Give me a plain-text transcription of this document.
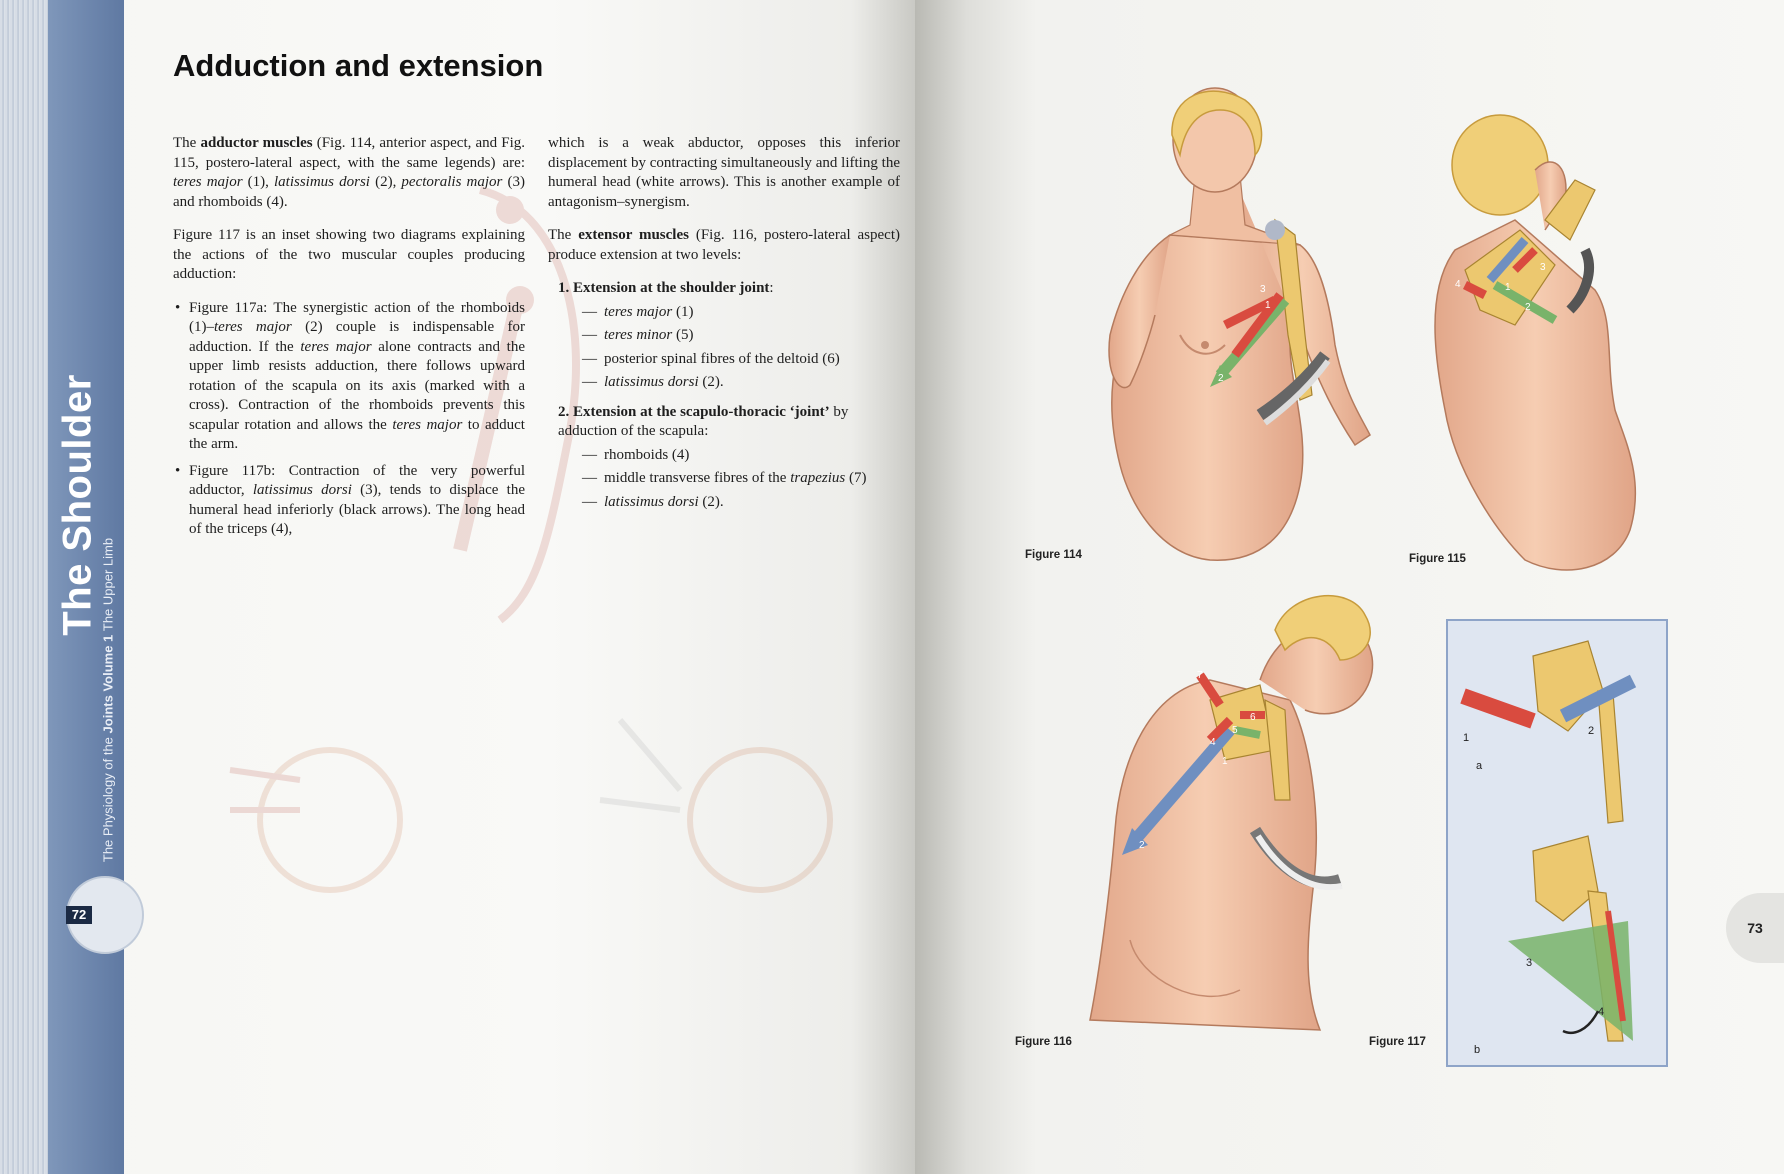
The Shoulder
The Physiology of the Joints Volume 1 The Upper Limb
72
Adduction and extension

The adductor muscles (Fig. 114, anterior aspect, and Fig. 115, postero-lateral aspect, with the same legends) are: teres major (1), latissimus dorsi (2), pectoralis major (3) and rhomboids (4).

Figure 117 is an inset showing two diagrams explaining the actions of the two muscular couples producing adduction:

• Figure 117a: The synergistic action of the rhomboids (1)–teres major (2) couple is indispensable for adduction. If the teres major alone contracts and the upper limb resists adduction, there follows upward rotation of the scapula on its axis (marked with a cross). Contraction of the rhomboids prevents this scapular rotation and allows the teres major to adduct the arm.
• Figure 117b: Contraction of the very powerful adductor, latissimus dorsi (3), tends to displace the humeral head inferiorly (black arrows). The long head of the triceps (4),

which is a weak abductor, opposes this inferior displacement by contracting simultaneously and lifting the humeral head (white arrows). This is another example of antagonism–synergism.

The extensor muscles (Fig. 116, postero-lateral aspect) produce extension at two levels:

1. Extension at the shoulder joint:
— teres major (1)
— teres minor (5)
— posterior spinal fibres of the deltoid (6)
— latissimus dorsi (2).
2. Extension at the scapulo-thoracic ‘joint’ by adduction of the scapula:
— rhomboids (4)
— middle transverse fibres of the trapezius (7)
— latissimus dorsi (2).

3
1
2
Figure 114
4	1
2
3
Figure 115
7
6
5
4
1
2
Figure 116
1
2
a
3
4
b
Figure 117
73
